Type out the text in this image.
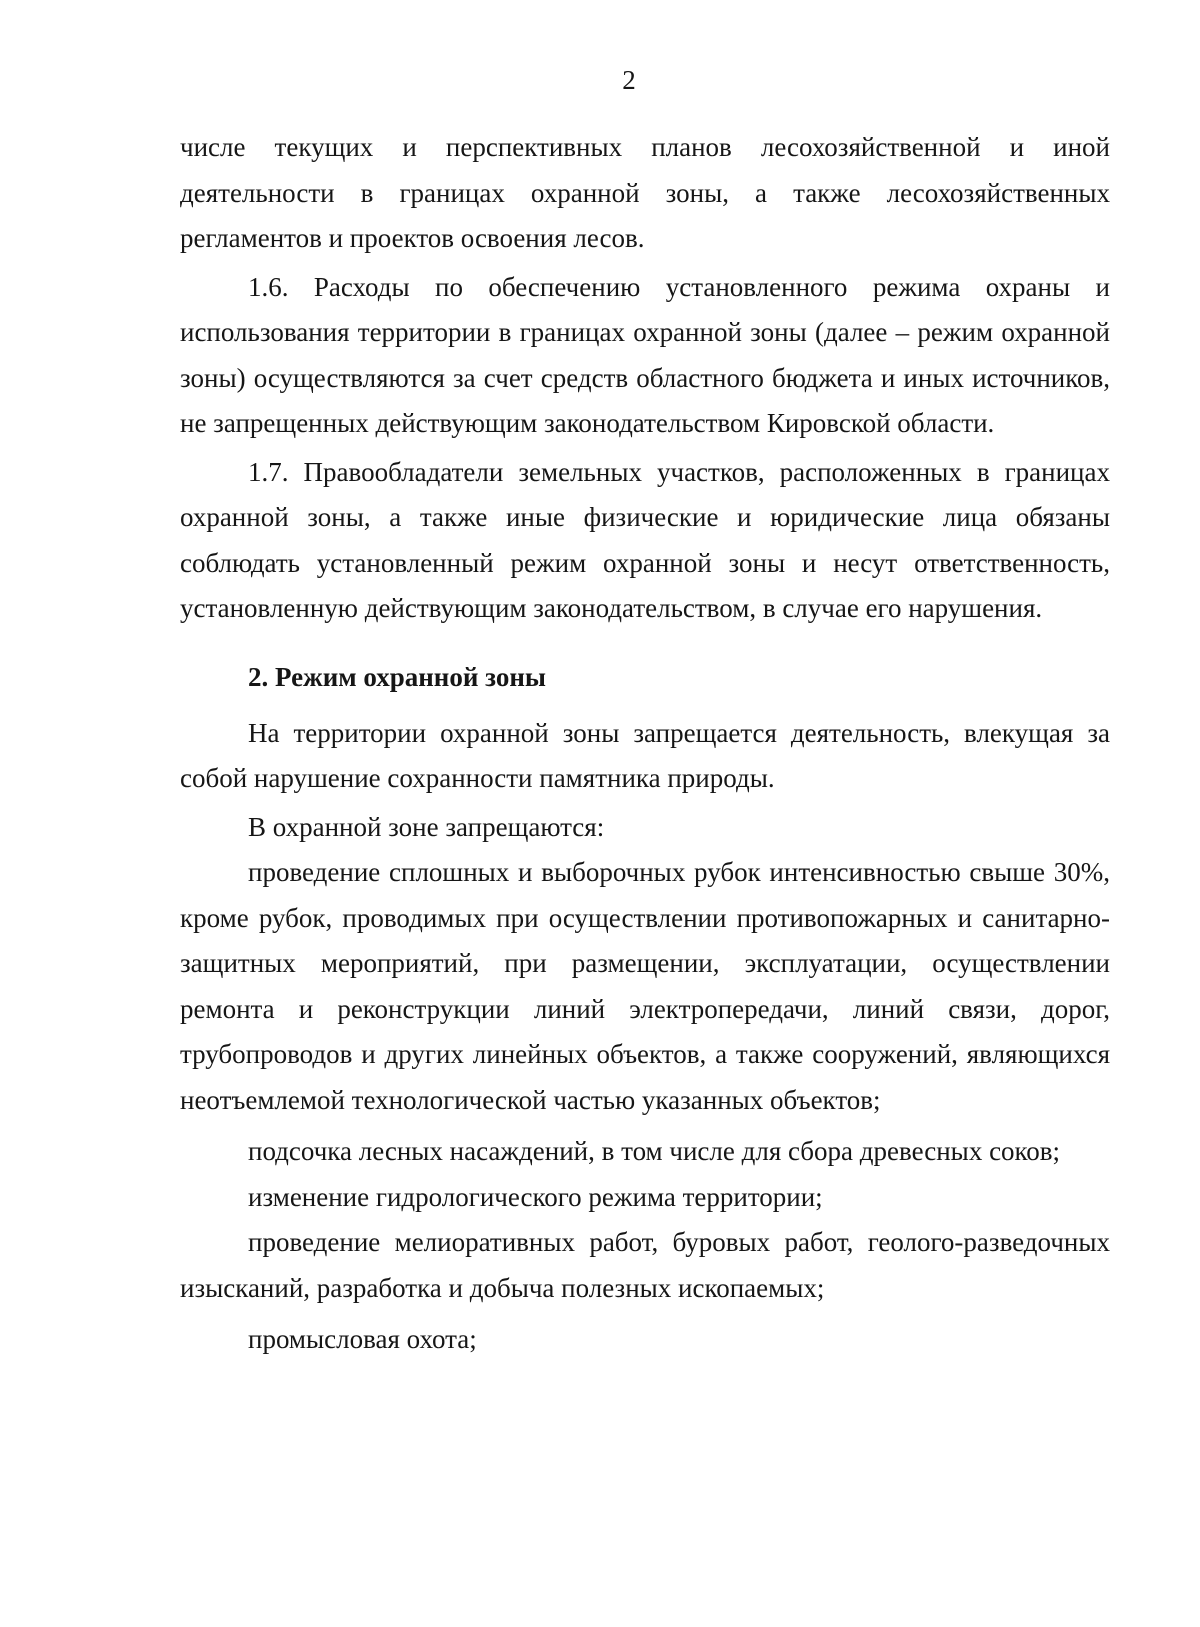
2

числе текущих и перспективных планов лесохозяйственной и иной деятельности в границах охранной зоны, а также лесохозяйственных регламентов и проектов освоения лесов.

1.6. Расходы по обеспечению установленного режима охраны и использования территории в границах охранной зоны (далее – режим охранной зоны) осуществляются за счет средств областного бюджета и иных источников, не запрещенных действующим законодательством Кировской области.

1.7. Правообладатели земельных участков, расположенных в границах охранной зоны, а также иные физические и юридические лица обязаны соблюдать установленный режим охранной зоны и несут ответственность, установленную действующим законодательством, в случае его нарушения.

2. Режим охранной зоны

На территории охранной зоны запрещается деятельность, влекущая за собой нарушение сохранности памятника природы.

В охранной зоне запрещаются:

проведение сплошных и выборочных рубок интенсивностью свыше 30%, кроме рубок, проводимых при осуществлении противопожарных и санитарно-защитных мероприятий, при размещении, эксплуатации, осуществлении ремонта и реконструкции линий электропередачи, линий связи, дорог, трубопроводов и других линейных объектов, а также сооружений, являющихся неотъемлемой технологической частью указанных объектов;

подсочка лесных насаждений, в том числе для сбора древесных соков;

изменение гидрологического режима территории;

проведение мелиоративных работ, буровых работ, геолого-разведочных изысканий, разработка и добыча полезных ископаемых;

промысловая охота;
